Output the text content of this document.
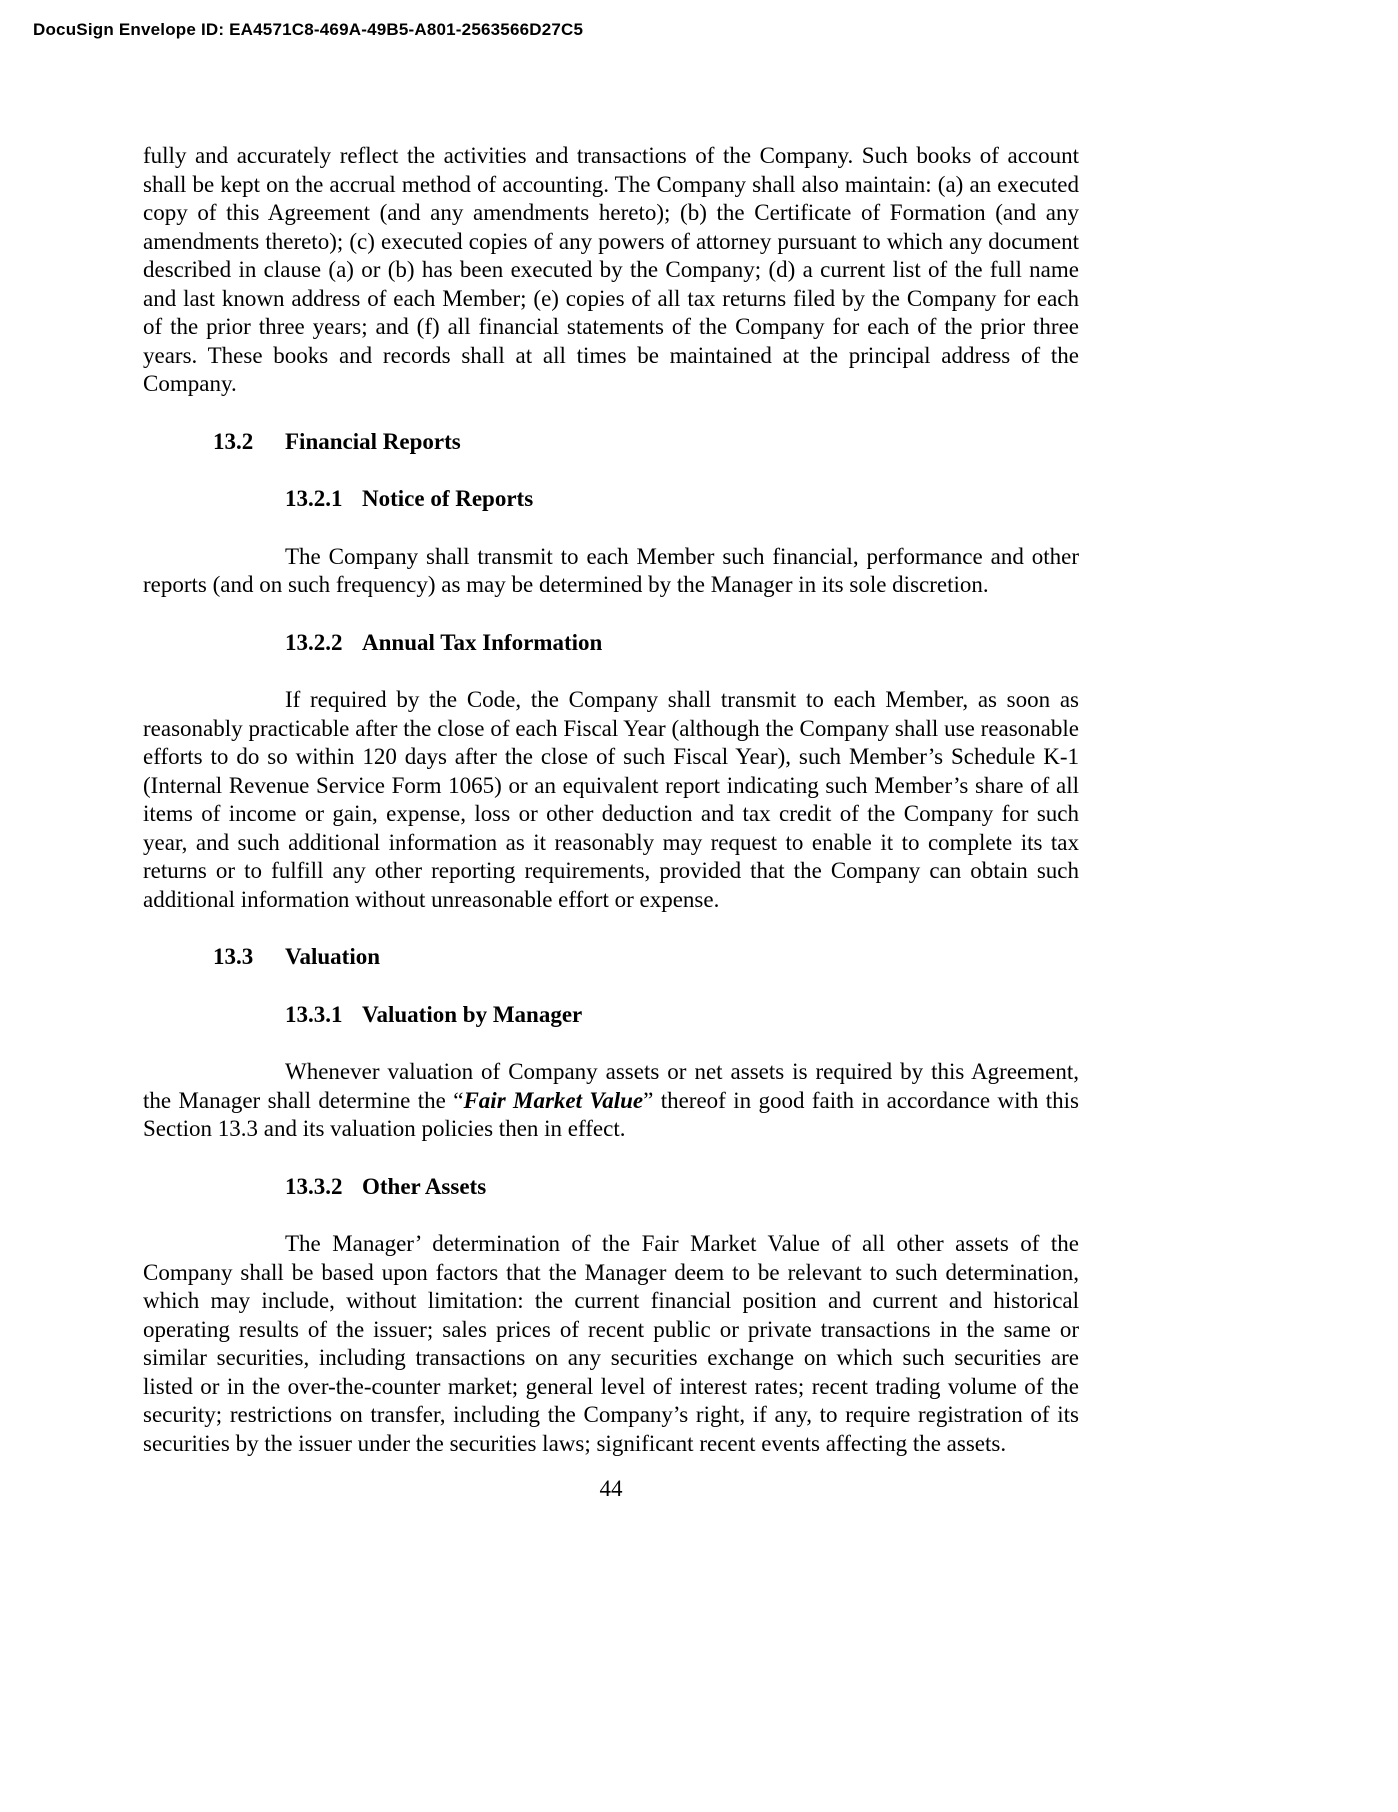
DocuSign Envelope ID: EA4571C8-469A-49B5-A801-2563566D27C5

fully and accurately reflect the activities and transactions of the Company. Such books of account shall be kept on the accrual method of accounting. The Company shall also maintain: (a) an executed copy of this Agreement (and any amendments hereto); (b) the Certificate of Formation (and any amendments thereto); (c) executed copies of any powers of attorney pursuant to which any document described in clause (a) or (b) has been executed by the Company; (d) a current list of the full name and last known address of each Member; (e) copies of all tax returns filed by the Company for each of the prior three years; and (f) all financial statements of the Company for each of the prior three years. These books and records shall at all times be maintained at the principal address of the Company.

13.2 Financial Reports
13.2.1 Notice of Reports

The Company shall transmit to each Member such financial, performance and other reports (and on such frequency) as may be determined by the Manager in its sole discretion.

13.2.2 Annual Tax Information

If required by the Code, the Company shall transmit to each Member, as soon as reasonably practicable after the close of each Fiscal Year (although the Company shall use reasonable efforts to do so within 120 days after the close of such Fiscal Year), such Member’s Schedule K-1 (Internal Revenue Service Form 1065) or an equivalent report indicating such Member’s share of all items of income or gain, expense, loss or other deduction and tax credit of the Company for such year, and such additional information as it reasonably may request to enable it to complete its tax returns or to fulfill any other reporting requirements, provided that the Company can obtain such additional information without unreasonable effort or expense.

13.3 Valuation
13.3.1 Valuation by Manager

Whenever valuation of Company assets or net assets is required by this Agreement, the Manager shall determine the “Fair Market Value” thereof in good faith in accordance with this Section 13.3 and its valuation policies then in effect.

13.3.2 Other Assets

The Manager’ determination of the Fair Market Value of all other assets of the Company shall be based upon factors that the Manager deem to be relevant to such determination, which may include, without limitation: the current financial position and current and historical operating results of the issuer; sales prices of recent public or private transactions in the same or similar securities, including transactions on any securities exchange on which such securities are listed or in the over-the-counter market; general level of interest rates; recent trading volume of the security; restrictions on transfer, including the Company’s right, if any, to require registration of its securities by the issuer under the securities laws; significant recent events affecting the assets.

44
